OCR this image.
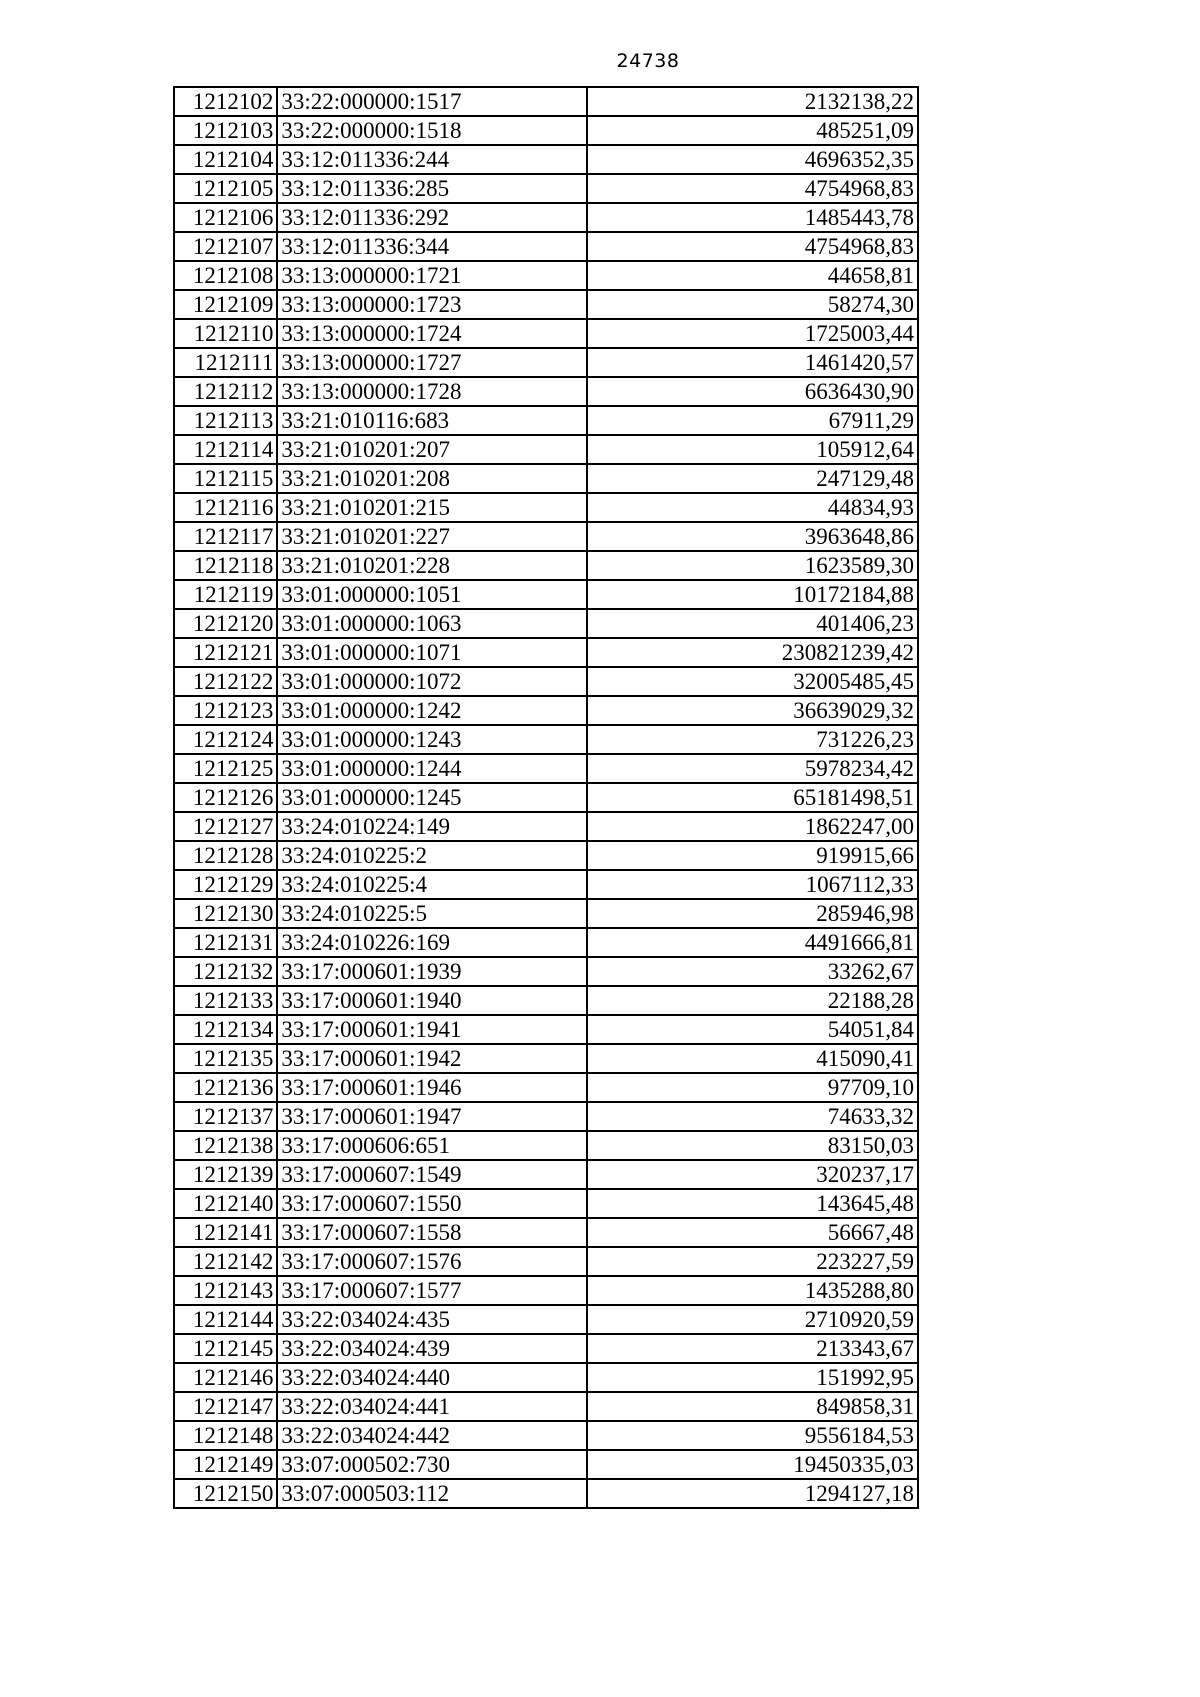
24738
1212102	33:22:000000:1517	2132138,22
1212103	33:22:000000:1518	485251,09
1212104	33:12:011336:244	4696352,35
1212105	33:12:011336:285	4754968,83
1212106	33:12:011336:292	1485443,78
1212107	33:12:011336:344	4754968,83
1212108	33:13:000000:1721	44658,81
1212109	33:13:000000:1723	58274,30
1212110	33:13:000000:1724	1725003,44
1212111	33:13:000000:1727	1461420,57
1212112	33:13:000000:1728	6636430,90
1212113	33:21:010116:683	67911,29
1212114	33:21:010201:207	105912,64
1212115	33:21:010201:208	247129,48
1212116	33:21:010201:215	44834,93
1212117	33:21:010201:227	3963648,86
1212118	33:21:010201:228	1623589,30
1212119	33:01:000000:1051	10172184,88
1212120	33:01:000000:1063	401406,23
1212121	33:01:000000:1071	230821239,42
1212122	33:01:000000:1072	32005485,45
1212123	33:01:000000:1242	36639029,32
1212124	33:01:000000:1243	731226,23
1212125	33:01:000000:1244	5978234,42
1212126	33:01:000000:1245	65181498,51
1212127	33:24:010224:149	1862247,00
1212128	33:24:010225:2	919915,66
1212129	33:24:010225:4	1067112,33
1212130	33:24:010225:5	285946,98
1212131	33:24:010226:169	4491666,81
1212132	33:17:000601:1939	33262,67
1212133	33:17:000601:1940	22188,28
1212134	33:17:000601:1941	54051,84
1212135	33:17:000601:1942	415090,41
1212136	33:17:000601:1946	97709,10
1212137	33:17:000601:1947	74633,32
1212138	33:17:000606:651	83150,03
1212139	33:17:000607:1549	320237,17
1212140	33:17:000607:1550	143645,48
1212141	33:17:000607:1558	56667,48
1212142	33:17:000607:1576	223227,59
1212143	33:17:000607:1577	1435288,80
1212144	33:22:034024:435	2710920,59
1212145	33:22:034024:439	213343,67
1212146	33:22:034024:440	151992,95
1212147	33:22:034024:441	849858,31
1212148	33:22:034024:442	9556184,53
1212149	33:07:000502:730	19450335,03
1212150	33:07:000503:112	1294127,18
